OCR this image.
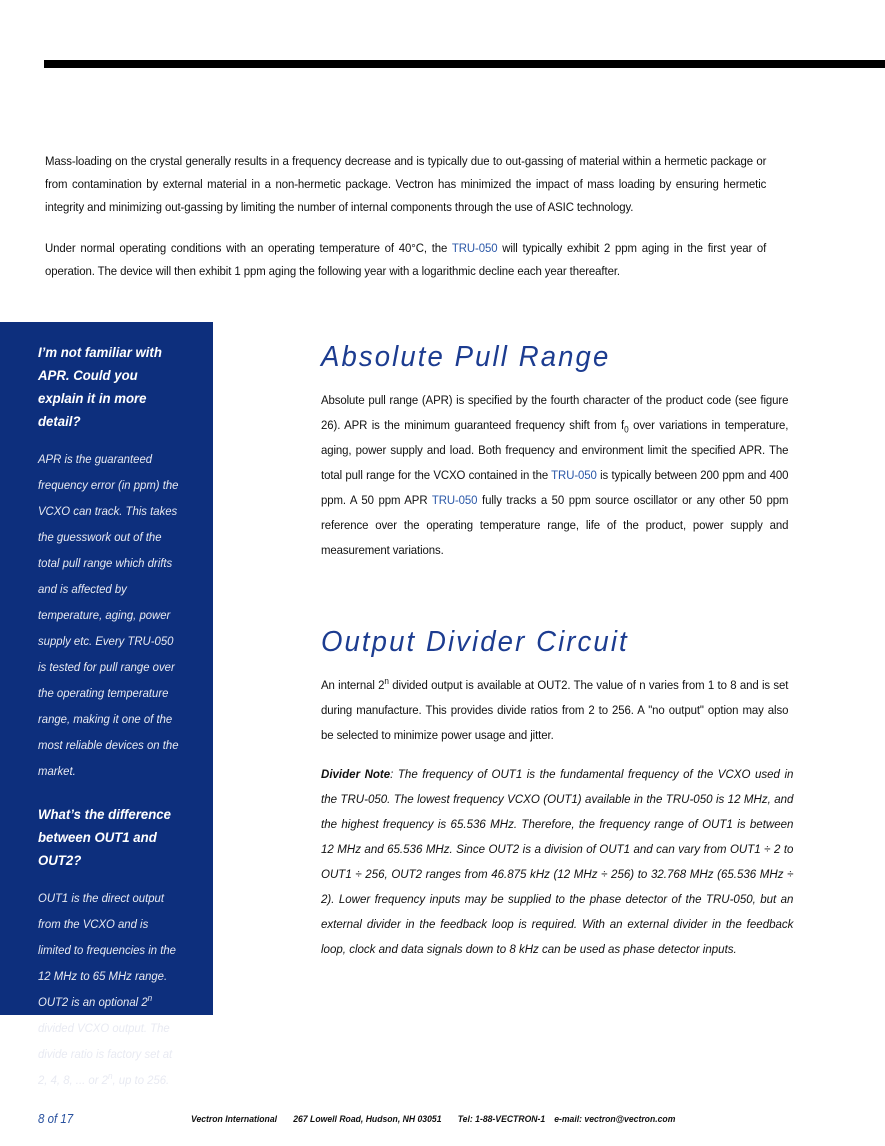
Mass-loading on the crystal generally results in a frequency decrease and is typically due to out-gassing of material within a hermetic package or from contamination by external material in a non-hermetic package. Vectron has minimized the impact of mass loading by ensuring hermetic integrity and minimizing out-gassing by limiting the number of internal components through the use of ASIC technology.

Under normal operating conditions with an operating temperature of 40°C, the TRU-050 will typically exhibit 2 ppm aging in the first year of operation. The device will then exhibit 1 ppm aging the following year with a logarithmic decline each year thereafter.

I’m not familiar with APR. Could you explain it in more detail?

APR is the guaranteed frequency error (in ppm) the VCXO can track. This takes the guesswork out of the total pull range which drifts and is affected by temperature, aging, power supply etc. Every TRU-050 is tested for pull range over the operating temperature range, making it one of the most reliable devices on the market.

What’s the difference between OUT1 and OUT2?

OUT1 is the direct output from the VCXO and is limited to frequencies in the 12 MHz to 65 MHz range. OUT2 is an optional 2$^n$ divided VCXO output. The divide ratio is factory set at 2, 4, 8, ... or 2$^n$, up to 256.

Absolute Pull Range

Absolute pull range (APR) is specified by the fourth character of the product code (see figure 26). APR is the minimum guaranteed frequency shift from $f_0$ over variations in temperature, aging, power supply and load. Both frequency and environment limit the specified APR. The total pull range for the VCXO contained in the TRU-050 is typically between 200 ppm and 400 ppm. A 50 ppm APR TRU-050 fully tracks a 50 ppm source oscillator or any other 50 ppm reference over the operating temperature range, life of the product, power supply and measurement variations.

Output Divider Circuit

An internal 2$^n$ divided output is available at OUT2. The value of n varies from 1 to 8 and is set during manufacture. This provides divide ratios from 2 to 256. A "no output" option may also be selected to minimize power usage and jitter.

Divider Note: The frequency of OUT1 is the fundamental frequency of the VCXO used in the TRU-050. The lowest frequency VCXO (OUT1) available in the TRU-050 is 12 MHz, and the highest frequency is 65.536 MHz. Therefore, the frequency range of OUT1 is between 12 MHz and 65.536 MHz. Since OUT2 is a division of OUT1 and can vary from OUT1 ÷ 2 to OUT1 ÷ 256, OUT2 ranges from 46.875 kHz (12 MHz ÷ 256) to 32.768 MHz (65.536 MHz ÷ 2). Lower frequency inputs may be supplied to the phase detector of the TRU-050, but an external divider in the feedback loop is required. With an external divider in the feedback loop, clock and data signals down to 8 kHz can be used as phase detector inputs.

8 of 17	Vectron International 267 Lowell Road, Hudson, NH 03051 Tel: 1-88-VECTRON-1 e-mail: vectron@vectron.com
